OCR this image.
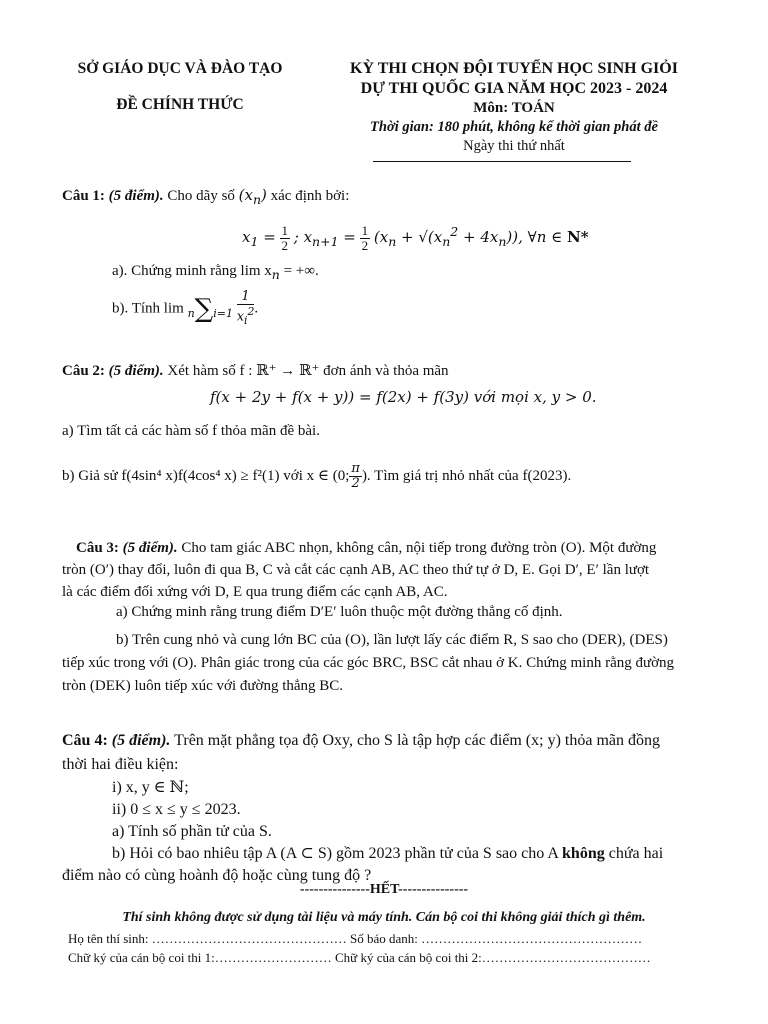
SỞ GIÁO DỤC VÀ ĐÀO TẠO
ĐỀ CHÍNH THỨC
KỲ THI CHỌN ĐỘI TUYỂN HỌC SINH GIỎI
DỰ THI QUỐC GIA NĂM HỌC 2023 - 2024
Môn: TOÁN
Thời gian: 180 phút, không kể thời gian phát đề
Ngày thi thứ nhất
Câu 1: (5 điểm). Cho dãy số $(x_n)$ xác định bởi:
$x_1 = \frac{1}{2}$ ; $x_{n+1} = \frac{1}{2} (x_n + √(x_n^2 + 4x_n))$, ∀n ∈ N*
a). Chứng minh rằng $\lim x_n$ = +∞.
b). Tính $\lim n\sum i=1 \frac{1}{x_i^2}$ .
Câu 2: (5 điểm). Xét hàm số f : ℝ⁺ → ℝ⁺ đơn ánh và thỏa mãn
f(x + 2y + f(x + y)) = f(2x) + f(3y) với mọi x, y > 0.
a) Tìm tất cả các hàm số f thỏa mãn đề bài.
b) Giả sử f(4sin⁴ x)f(4cos⁴ x) ≥ f²(1) với x ∈ (0; $\frac{\pi}{2}$ ). Tìm giá trị nhỏ nhất của f(2023).
Câu 3: (5 điểm). Cho tam giác ABC nhọn, không cân, nội tiếp trong đường tròn (O). Một đường
tròn (O′) thay đổi, luôn đi qua B, C và cắt các cạnh AB, AC theo thứ tự ở D, E. Gọi D′, E′ lần lượt
là các điểm đối xứng với D, E qua trung điểm các cạnh AB, AC.
a) Chứng minh rằng trung điểm D′E′ luôn thuộc một đường thẳng cố định.
b) Trên cung nhỏ và cung lớn BC của (O), lần lượt lấy các điểm R, S sao cho (DER), (DES)
tiếp xúc trong với (O). Phân giác trong của các góc BRC, BSC cắt nhau ở K. Chứng minh rằng đường
tròn (DEK) luôn tiếp xúc với đường thẳng BC.
Câu 4: (5 điểm). Trên mặt phẳng tọa độ Oxy, cho S là tập hợp các điểm (x; y) thỏa mãn đồng
thời hai điều kiện:
i) x, y ∈ ℕ;
ii) 0 ≤ x ≤ y ≤ 2023.
a) Tính số phần tử của S.
b) Hỏi có bao nhiêu tập A (A ⊂ S) gồm 2023 phần tử của S sao cho A không chứa hai
điểm nào có cùng hoành độ hoặc cùng tung độ ?
---------------HẾT---------------
Thí sinh không được sử dụng tài liệu và máy tính. Cán bộ coi thi không giải thích gì thêm.
Họ tên thí sinh: ……………………………………… Số báo danh: ……………………………………………
Chữ ký của cán bộ coi thi 1:……………………… Chữ ký của cán bộ coi thi 2:…………………………………
